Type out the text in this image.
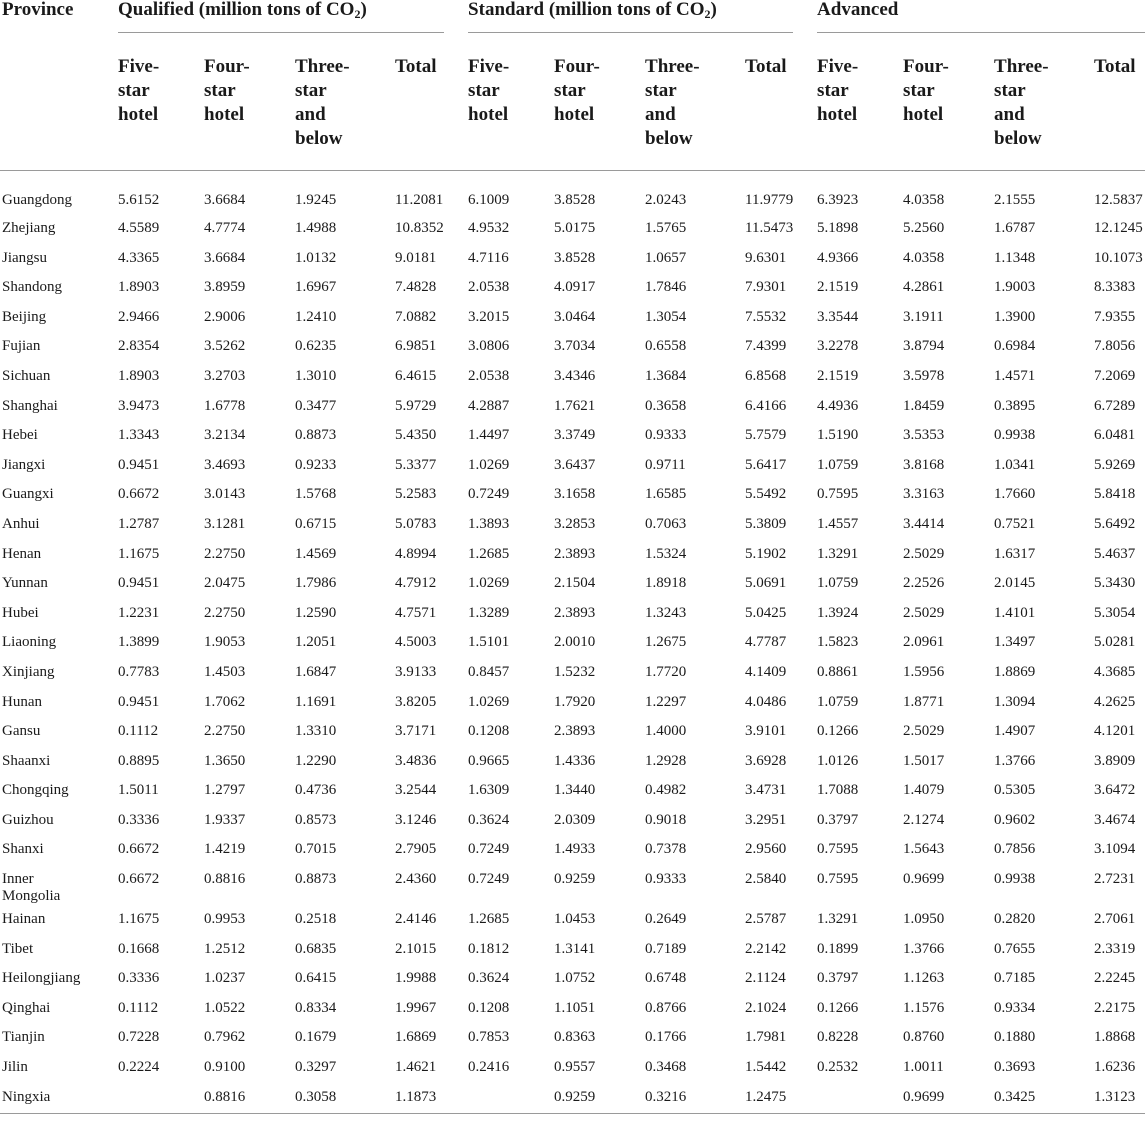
Province	Qualified (million tons of $CO_2$)				Standard (million tons of $CO_2$)				Advanced			

	Five-
star
hotel	Four-
star
hotel	Three-
star
and
below	Total	Five-
star
hotel	Four-
star
hotel	Three-
star
and
below	Total	Five-
star
hotel	Four-
star
hotel	Three-
star
and
below	Total

Guangdong	5.6152	3.6684	1.9245	11.2081	6.1009	3.8528	2.0243	11.9779	6.3923	4.0358	2.1555	12.5837
Zhejiang	4.5589	4.7774	1.4988	10.8352	4.9532	5.0175	1.5765	11.5473	5.1898	5.2560	1.6787	12.1245
Jiangsu	4.3365	3.6684	1.0132	9.0181	4.7116	3.8528	1.0657	9.6301	4.9366	4.0358	1.1348	10.1073
Shandong	1.8903	3.8959	1.6967	7.4828	2.0538	4.0917	1.7846	7.9301	2.1519	4.2861	1.9003	8.3383
Beijing	2.9466	2.9006	1.2410	7.0882	3.2015	3.0464	1.3054	7.5532	3.3544	3.1911	1.3900	7.9355
Fujian	2.8354	3.5262	0.6235	6.9851	3.0806	3.7034	0.6558	7.4399	3.2278	3.8794	0.6984	7.8056
Sichuan	1.8903	3.2703	1.3010	6.4615	2.0538	3.4346	1.3684	6.8568	2.1519	3.5978	1.4571	7.2069
Shanghai	3.9473	1.6778	0.3477	5.9729	4.2887	1.7621	0.3658	6.4166	4.4936	1.8459	0.3895	6.7289
Hebei	1.3343	3.2134	0.8873	5.4350	1.4497	3.3749	0.9333	5.7579	1.5190	3.5353	0.9938	6.0481
Jiangxi	0.9451	3.4693	0.9233	5.3377	1.0269	3.6437	0.9711	5.6417	1.0759	3.8168	1.0341	5.9269
Guangxi	0.6672	3.0143	1.5768	5.2583	0.7249	3.1658	1.6585	5.5492	0.7595	3.3163	1.7660	5.8418
Anhui	1.2787	3.1281	0.6715	5.0783	1.3893	3.2853	0.7063	5.3809	1.4557	3.4414	0.7521	5.6492
Henan	1.1675	2.2750	1.4569	4.8994	1.2685	2.3893	1.5324	5.1902	1.3291	2.5029	1.6317	5.4637
Yunnan	0.9451	2.0475	1.7986	4.7912	1.0269	2.1504	1.8918	5.0691	1.0759	2.2526	2.0145	5.3430
Hubei	1.2231	2.2750	1.2590	4.7571	1.3289	2.3893	1.3243	5.0425	1.3924	2.5029	1.4101	5.3054
Liaoning	1.3899	1.9053	1.2051	4.5003	1.5101	2.0010	1.2675	4.7787	1.5823	2.0961	1.3497	5.0281
Xinjiang	0.7783	1.4503	1.6847	3.9133	0.8457	1.5232	1.7720	4.1409	0.8861	1.5956	1.8869	4.3685
Hunan	0.9451	1.7062	1.1691	3.8205	1.0269	1.7920	1.2297	4.0486	1.0759	1.8771	1.3094	4.2625
Gansu	0.1112	2.2750	1.3310	3.7171	0.1208	2.3893	1.4000	3.9101	0.1266	2.5029	1.4907	4.1201
Shaanxi	0.8895	1.3650	1.2290	3.4836	0.9665	1.4336	1.2928	3.6928	1.0126	1.5017	1.3766	3.8909
Chongqing	1.5011	1.2797	0.4736	3.2544	1.6309	1.3440	0.4982	3.4731	1.7088	1.4079	0.5305	3.6472
Guizhou	0.3336	1.9337	0.8573	3.1246	0.3624	2.0309	0.9018	3.2951	0.3797	2.1274	0.9602	3.4674
Shanxi	0.6672	1.4219	0.7015	2.7905	0.7249	1.4933	0.7378	2.9560	0.7595	1.5643	0.7856	3.1094
Inner
Mongolia	0.6672	0.8816	0.8873	2.4360	0.7249	0.9259	0.9333	2.5840	0.7595	0.9699	0.9938	2.7231
Hainan	1.1675	0.9953	0.2518	2.4146	1.2685	1.0453	0.2649	2.5787	1.3291	1.0950	0.2820	2.7061
Tibet	0.1668	1.2512	0.6835	2.1015	0.1812	1.3141	0.7189	2.2142	0.1899	1.3766	0.7655	2.3319
Heilongjiang	0.3336	1.0237	0.6415	1.9988	0.3624	1.0752	0.6748	2.1124	0.3797	1.1263	0.7185	2.2245
Qinghai	0.1112	1.0522	0.8334	1.9967	0.1208	1.1051	0.8766	2.1024	0.1266	1.1576	0.9334	2.2175
Tianjin	0.7228	0.7962	0.1679	1.6869	0.7853	0.8363	0.1766	1.7981	0.8228	0.8760	0.1880	1.8868
Jilin	0.2224	0.9100	0.3297	1.4621	0.2416	0.9557	0.3468	1.5442	0.2532	1.0011	0.3693	1.6236
Ningxia		0.8816	0.3058	1.1873		0.9259	0.3216	1.2475		0.9699	0.3425	1.3123
